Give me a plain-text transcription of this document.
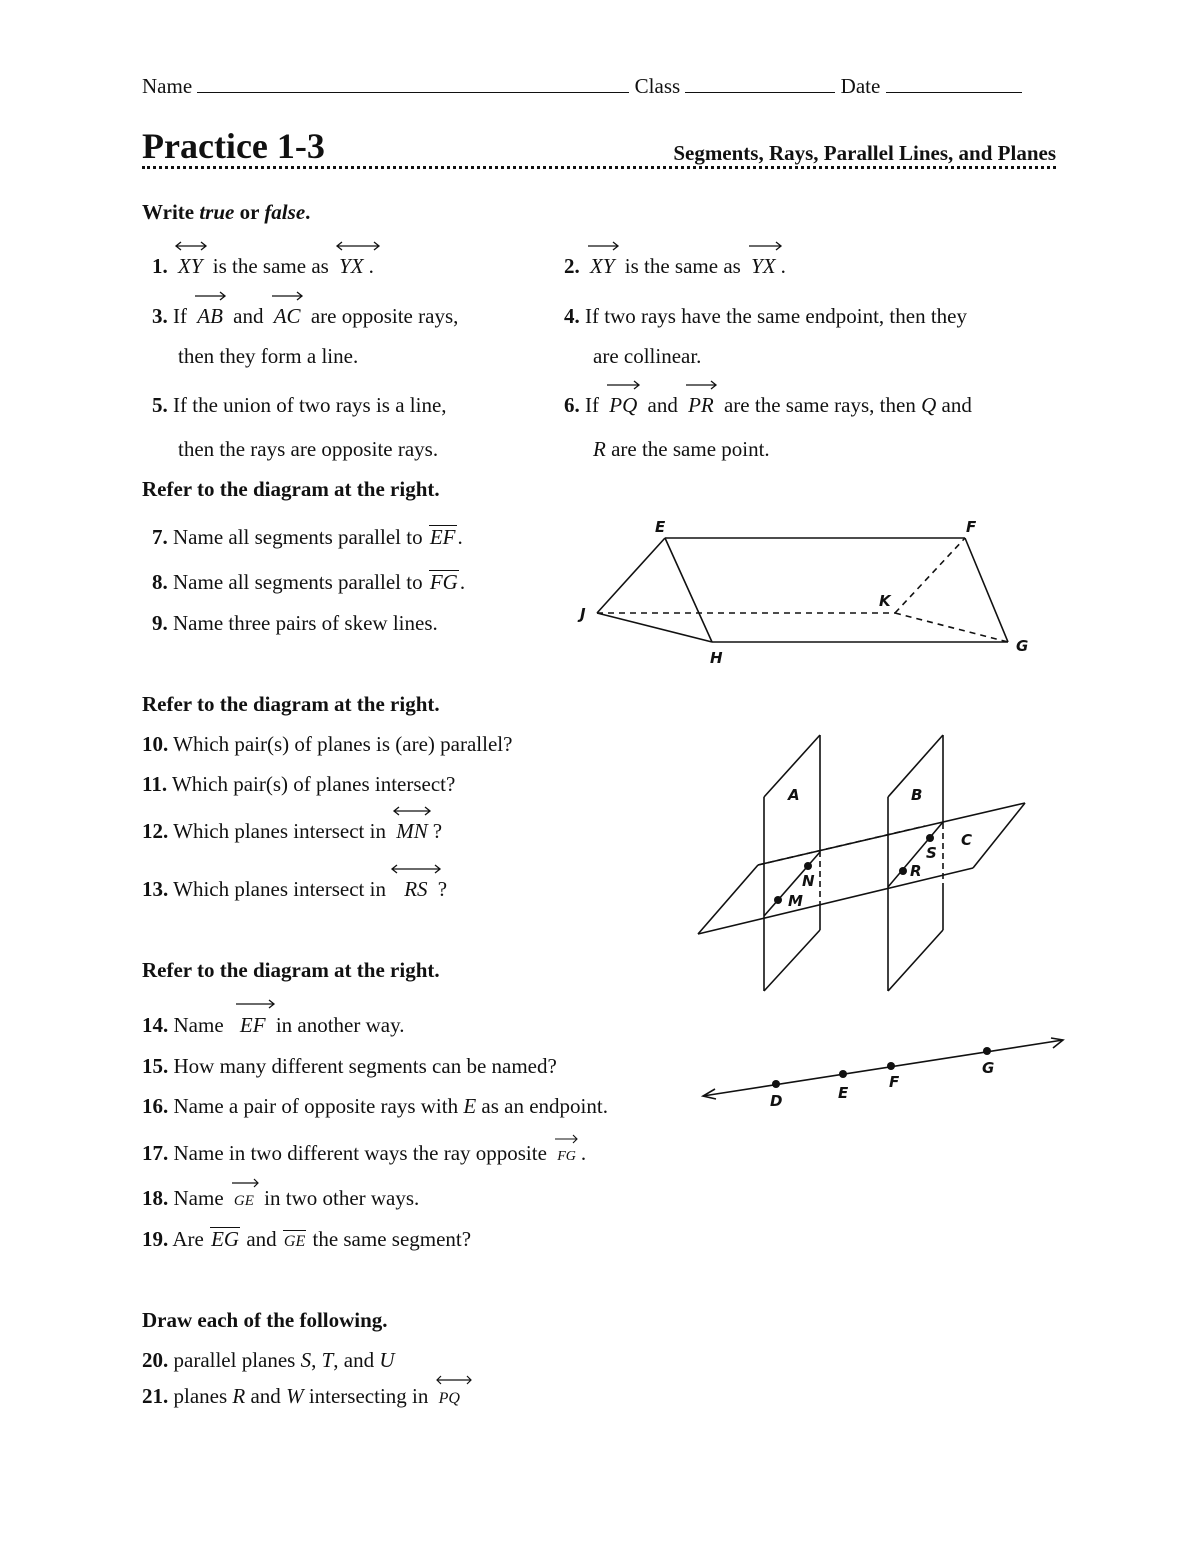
Name	Class	Date
Practice 1-3	Segments, Rays, Parallel Lines, and Planes
Write true or false.
1. XY is the same as
YX .	2. XY is the same as
YX .
3. If
AB and
AC are opposite rays,
then they form a line.
4. If two rays have the same endpoint, then they
are collinear.
5. If the union of two rays is a line,
then the rays are opposite rays.
6. If
PQ and
PR are the same rays, then Q and
R are the same point.
Refer to the diagram at the right.
7. Name all segments parallel to EF.
8. Name all segments parallel to FG.
9. Name three pairs of skew lines.
E	F
J
K
H
G
Refer to the diagram at the right.
10. Which pair(s) of planes is (are) parallel?
11. Which pair(s) of planes intersect?
12. Which planes intersect in
MN ?
13. Which planes intersect in
RS ?
A	B
C
M
N
R
S
Refer to the diagram at the right.
14. Name
EF in another way.
15. How many different segments can be named?
16. Name a pair of opposite rays with E as an endpoint.
17. Name in two different ways the ray opposite
FG .
18. Name
GE in two other ways.
19. Are EG and GE the same segment?
D	E
F
G
Draw each of the following.
20. parallel planes S, T, and U
21. planes R and W intersecting in
PQ
